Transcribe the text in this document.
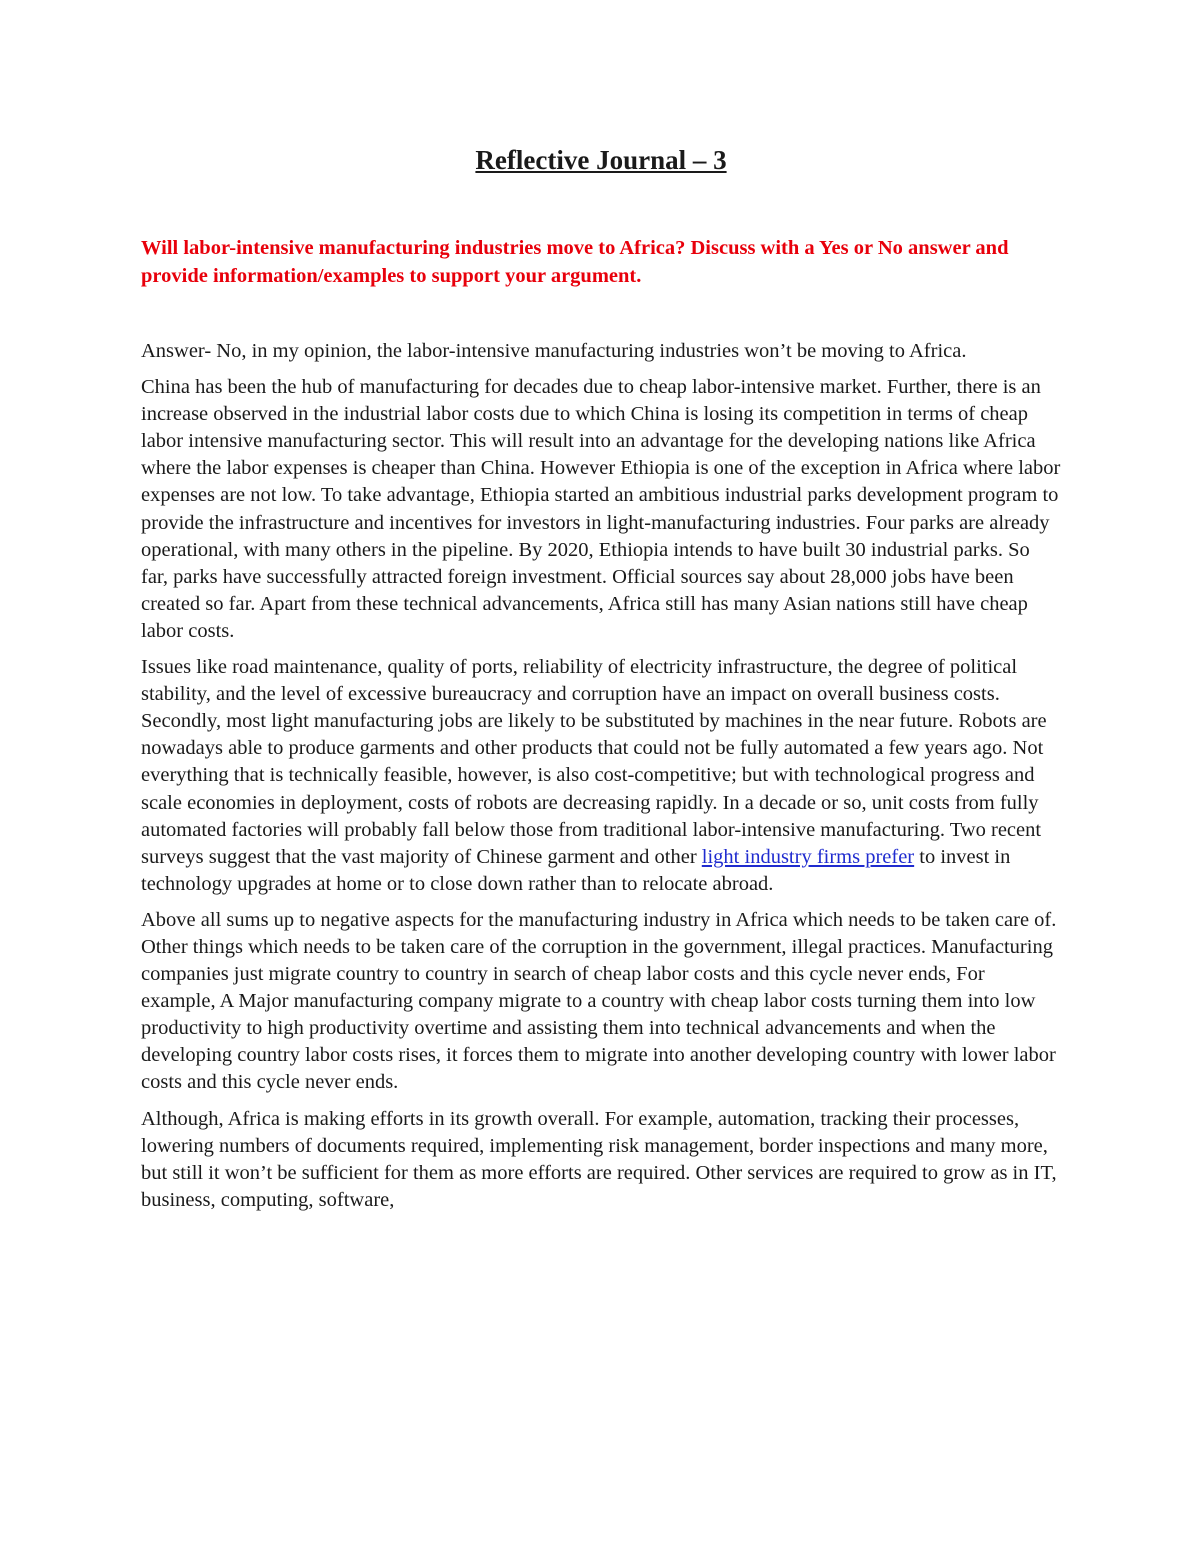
Reflective Journal – 3

Will labor-intensive manufacturing industries move to Africa? Discuss with a Yes or No answer and provide information/examples to support your argument.

Answer- No, in my opinion, the labor-intensive manufacturing industries won’t be moving to Africa.

China has been the hub of manufacturing for decades due to cheap labor-intensive market. Further, there is an increase observed in the industrial labor costs due to which China is losing its competition in terms of cheap labor intensive manufacturing sector. This will result into an advantage for the developing nations like Africa where the labor expenses is cheaper than China. However Ethiopia is one of the exception in Africa where labor expenses are not low. To take advantage, Ethiopia started an ambitious industrial parks development program to provide the infrastructure and incentives for investors in light-manufacturing industries. Four parks are already operational, with many others in the pipeline. By 2020, Ethiopia intends to have built 30 industrial parks. So far, parks have successfully attracted foreign investment. Official sources say about 28,000 jobs have been created so far. Apart from these technical advancements, Africa still has many Asian nations still have cheap labor costs.

Issues like road maintenance, quality of ports, reliability of electricity infrastructure, the degree of political stability, and the level of excessive bureaucracy and corruption have an impact on overall business costs. Secondly, most light manufacturing jobs are likely to be substituted by machines in the near future. Robots are nowadays able to produce garments and other products that could not be fully automated a few years ago. Not everything that is technically feasible, however, is also cost-competitive; but with technological progress and scale economies in deployment, costs of robots are decreasing rapidly. In a decade or so, unit costs from fully automated factories will probably fall below those from traditional labor-intensive manufacturing. Two recent surveys suggest that the vast majority of Chinese garment and other light industry firms prefer to invest in technology upgrades at home or to close down rather than to relocate abroad.

Above all sums up to negative aspects for the manufacturing industry in Africa which needs to be taken care of. Other things which needs to be taken care of the corruption in the government, illegal practices. Manufacturing companies just migrate country to country in search of cheap labor costs and this cycle never ends, For example, A Major manufacturing company migrate to a country with cheap labor costs turning them into low productivity to high productivity overtime and assisting them into technical advancements and when the developing country labor costs rises, it forces them to migrate into another developing country with lower labor costs and this cycle never ends.

Although, Africa is making efforts in its growth overall. For example, automation, tracking their processes, lowering numbers of documents required, implementing risk management, border inspections and many more, but still it won’t be sufficient for them as more efforts are required. Other services are required to grow as in IT, business, computing, software,
